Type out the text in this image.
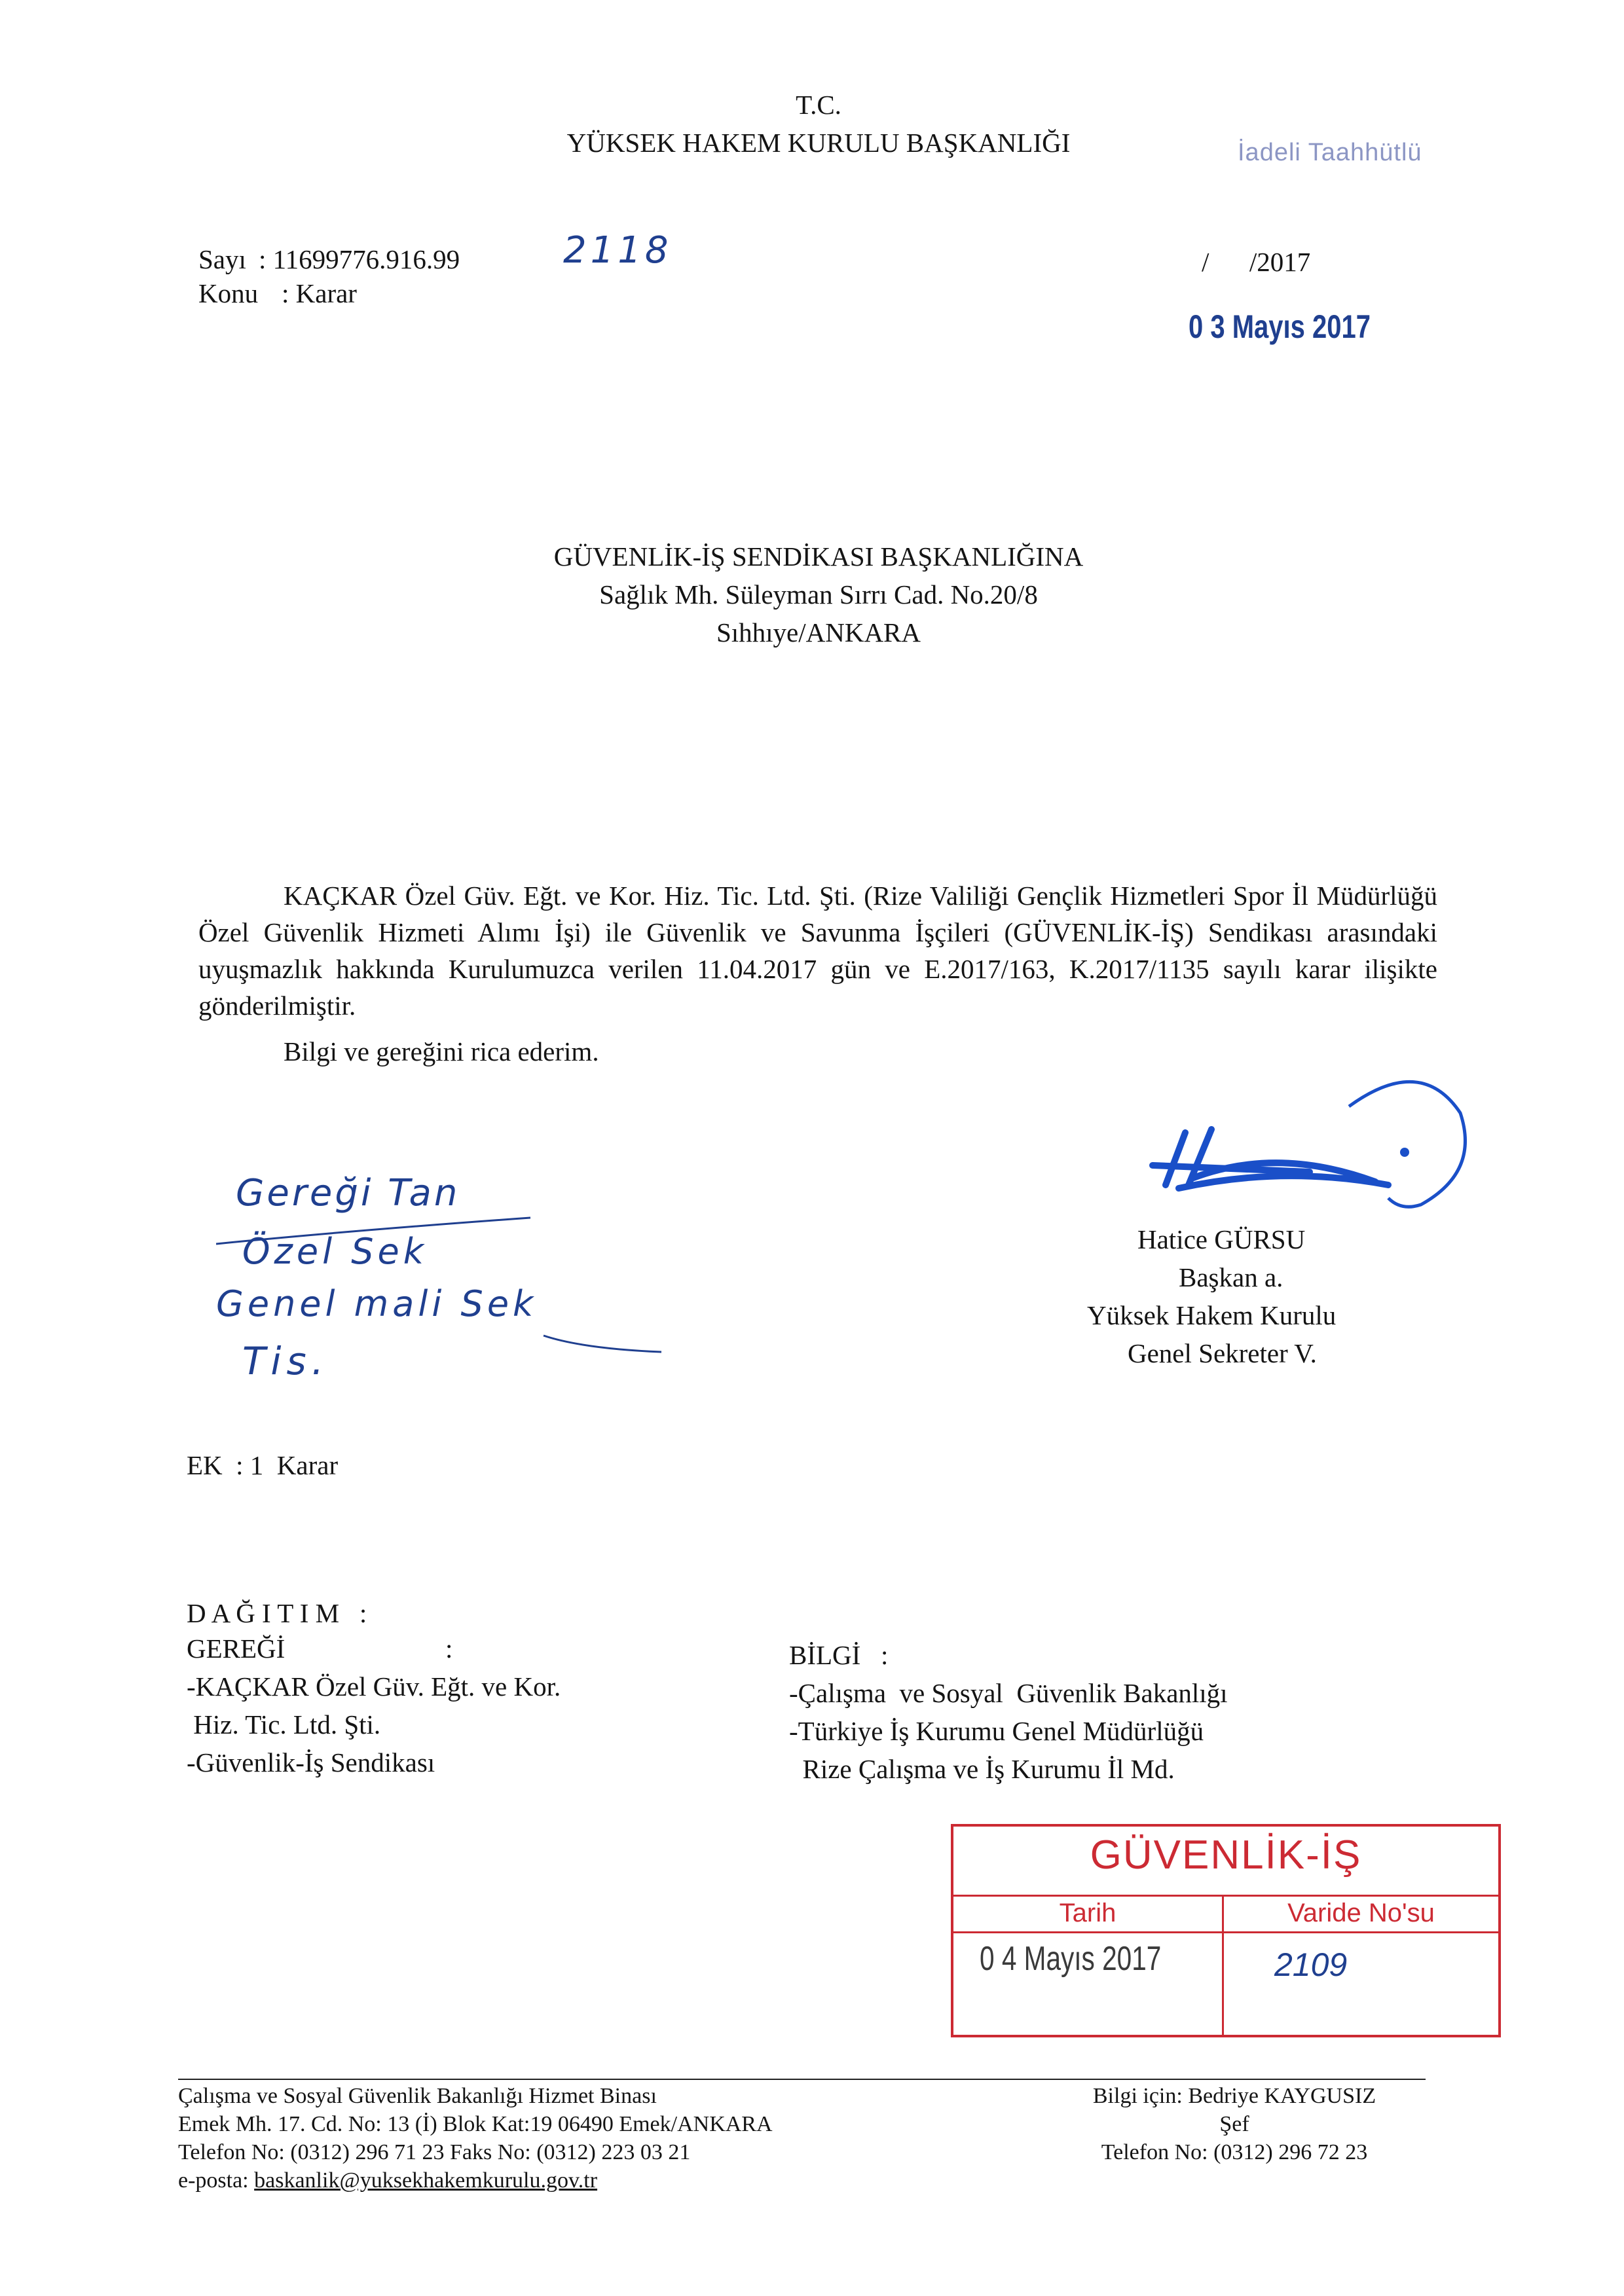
T.C.
YÜKSEK HAKEM KURULU BAŞKANLIĞI	İadeli Taahhütlü
Sayı : 11699776.916.99	2118
Konu : Karar
/      /2017
0 3 Mayıs 2017
GÜVENLİK-İŞ SENDİKASI BAŞKANLIĞINA
Sağlık Mh. Süleyman Sırrı Cad. No.20/8
Sıhhıye/ANKARA
KAÇKAR Özel Güv. Eğt. ve Kor. Hiz. Tic. Ltd. Şti. (Rize Valiliği Gençlik Hizmetleri Spor İl Müdürlüğü Özel Güvenlik Hizmeti Alımı İşi) ile Güvenlik ve Savunma İşçileri (GÜVENLİK-İŞ) Sendikası arasındaki uyuşmazlık hakkında Kurulumuzca verilen 11.04.2017 gün ve E.2017/163, K.2017/1135 sayılı karar ilişikte gönderilmiştir.
Bilgi ve gereğini rica ederim.
Gereği Tan
Özel Sek
Genel mali Sek
Tis.
Hatice GÜRSU
Başkan a.
Yüksek Hakem Kurulu
Genel Sekreter V.
EK  : 1  Karar
D A Ğ I T I M   :
GEREĞİ	:
-KAÇKAR Özel Güv. Eğt. ve Kor.
Hiz. Tic. Ltd. Şti.
-Güvenlik-İş Sendikası
BİLGİ   :
-Çalışma  ve Sosyal  Güvenlik Bakanlığı
-Türkiye İş Kurumu Genel Müdürlüğü
Rize Çalışma ve İş Kurumu İl Md.
GÜVENLİK-İŞ
Tarih	Varide No'su
0 4 Mayıs 2017	2109
Çalışma ve Sosyal Güvenlik Bakanlığı Hizmet Binası
Emek Mh. 17. Cd. No: 13 (İ) Blok Kat:19 06490 Emek/ANKARA
Telefon No: (0312) 296 71 23 Faks No: (0312) 223 03 21
e-posta: baskanlik@yuksekhakemkurulu.gov.tr
Bilgi için: Bedriye KAYGUSIZ
Şef
Telefon No: (0312) 296 72 23
